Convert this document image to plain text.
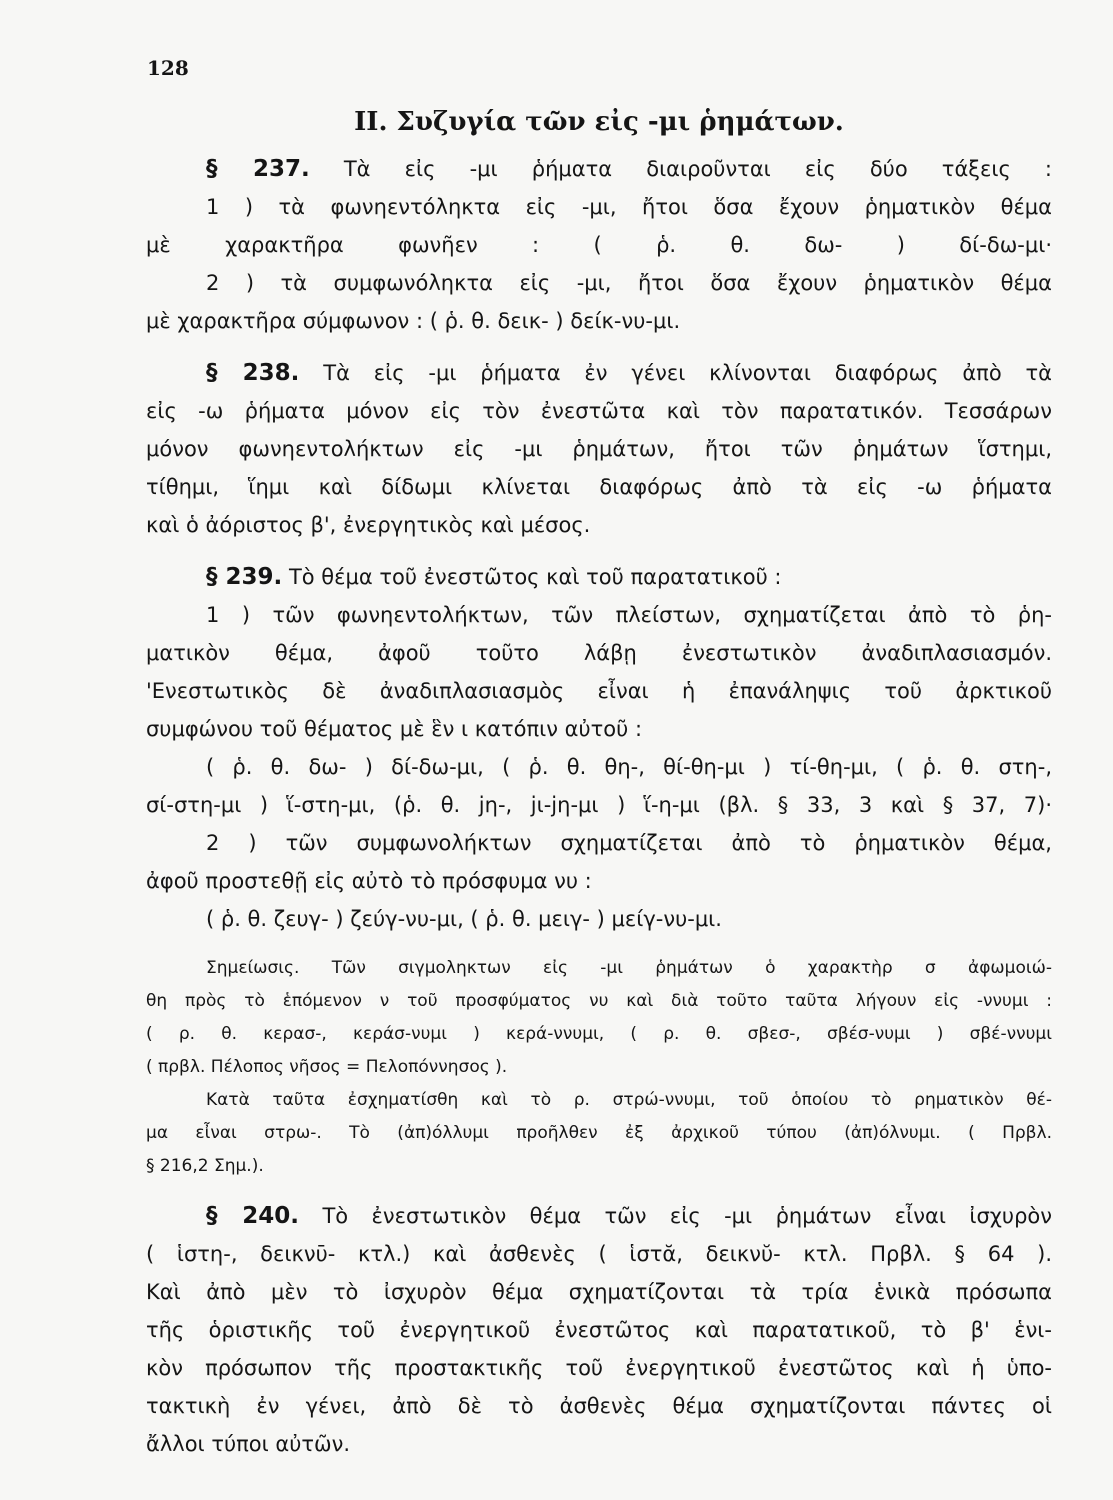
128
II. Συζυγία τῶν εἰς -μι ῥημάτων.
§ 237. Τὰ εἰς -μι ῥήματα διαιροῦνται εἰς δύο τάξεις :
1 ) τὰ φωνηεντόληκτα εἰς -μι, ἤτοι ὅσα ἔχουν ῥηματικὸν θέμα
μὲ χαρακτῆρα φωνῆεν : ( ῥ. θ. δω- ) δί-δω-μι·
2 ) τὰ συμφωνόληκτα εἰς -μι, ἤτοι ὅσα ἔχουν ῥηματικὸν θέμα
μὲ χαρακτῆρα σύμφωνον : ( ῥ. θ. δεικ- ) δείκ-νυ-μι.
§ 238. Τὰ εἰς -μι ῥήματα ἐν γένει κλίνονται διαφόρως ἀπὸ τὰ
εἰς -ω ῥήματα μόνον εἰς τὸν ἐνεστῶτα καὶ τὸν παρατατικόν. Τεσσάρων
μόνον φωνηεντολήκτων εἰς -μι ῥημάτων, ἤτοι τῶν ῥημάτων ἵστημι,
τίθημι, ἵημι καὶ δίδωμι κλίνεται διαφόρως ἀπὸ τὰ εἰς -ω ῥήματα
καὶ ὁ ἀόριστος β', ἐνεργητικὸς καὶ μέσος.
§ 239. Τὸ θέμα τοῦ ἐνεστῶτος καὶ τοῦ παρατατικοῦ :
1 ) τῶν φωνηεντολήκτων, τῶν πλείστων, σχηματίζεται ἀπὸ τὸ ῥη-
ματικὸν θέμα, ἀφοῦ τοῦτο λάβῃ ἐνεστωτικὸν ἀναδιπλασιασμόν.
'Ενεστωτικὸς δὲ ἀναδιπλασιασμὸς εἶναι ἡ ἐπανάληψις τοῦ ἀρκτικοῦ
συμφώνου τοῦ θέματος μὲ ἓν ι κατόπιν αὐτοῦ :
( ῥ. θ. δω- ) δί-δω-μι, ( ῥ. θ. θη-, θί-θη-μι ) τί-θη-μι, ( ῥ. θ. στη-,
σί-στη-μι ) ἵ-στη-μι, (ῥ. θ. jη-, jι-jη-μι ) ἵ-η-μι (βλ. § 33, 3 καὶ § 37, 7)·
2 ) τῶν συμφωνολήκτων σχηματίζεται ἀπὸ τὸ ῥηματικὸν θέμα,
ἀφοῦ προστεθῇ εἰς αὐτὸ τὸ πρόσφυμα νυ :
( ῥ. θ. ζευγ- ) ζεύγ-νυ-μι, ( ῥ. θ. μειγ- ) μείγ-νυ-μι.
Σημείωσις. Τῶν σιγμοληκτων εἰς -μι ῥημάτων ὁ χαρακτὴρ σ ἀφωμοιώ-
θη πρὸς τὸ ἑπόμενον ν τοῦ προσφύματος νυ καὶ διὰ τοῦτο ταῦτα λήγουν εἰς -ννυμι :
( ρ. θ. κερασ-, κεράσ-νυμι ) κερά-ννυμι, ( ρ. θ. σβεσ-, σβέσ-νυμι ) σβέ-ννυμι
( πρβλ. Πέλοπος νῆσος = Πελοπόννησος ).
Κατὰ ταῦτα ἐσχηματίσθη καὶ τὸ ρ. στρώ-ννυμι, τοῦ ὁποίου τὸ ρηματικὸν θέ-
μα εἶναι στρω-. Τὸ (ἀπ)όλλυμι προῆλθεν ἐξ ἀρχικοῦ τύπου (ἀπ)όλνυμι. ( Πρβλ.
§ 216,2 Σημ.).
§ 240. Τὸ ἐνεστωτικὸν θέμα τῶν εἰς -μι ῥημάτων εἶναι ἰσχυρὸν
( ἱστη-, δεικνῡ- κτλ.) καὶ ἀσθενὲς ( ἱστᾰ, δεικνῠ- κτλ. Πρβλ. § 64 ).
Καὶ ἀπὸ μὲν τὸ ἰσχυρὸν θέμα σχηματίζονται τὰ τρία ἑνικὰ πρόσωπα
τῆς ὁριστικῆς τοῦ ἐνεργητικοῦ ἐνεστῶτος καὶ παρατατικοῦ, τὸ β' ἑνι-
κὸν πρόσωπον τῆς προστακτικῆς τοῦ ἐνεργητικοῦ ἐνεστῶτος καὶ ἡ ὑπο-
τακτικὴ ἐν γένει, ἀπὸ δὲ τὸ ἀσθενὲς θέμα σχηματίζονται πάντες οἱ
ἄλλοι τύποι αὐτῶν.
